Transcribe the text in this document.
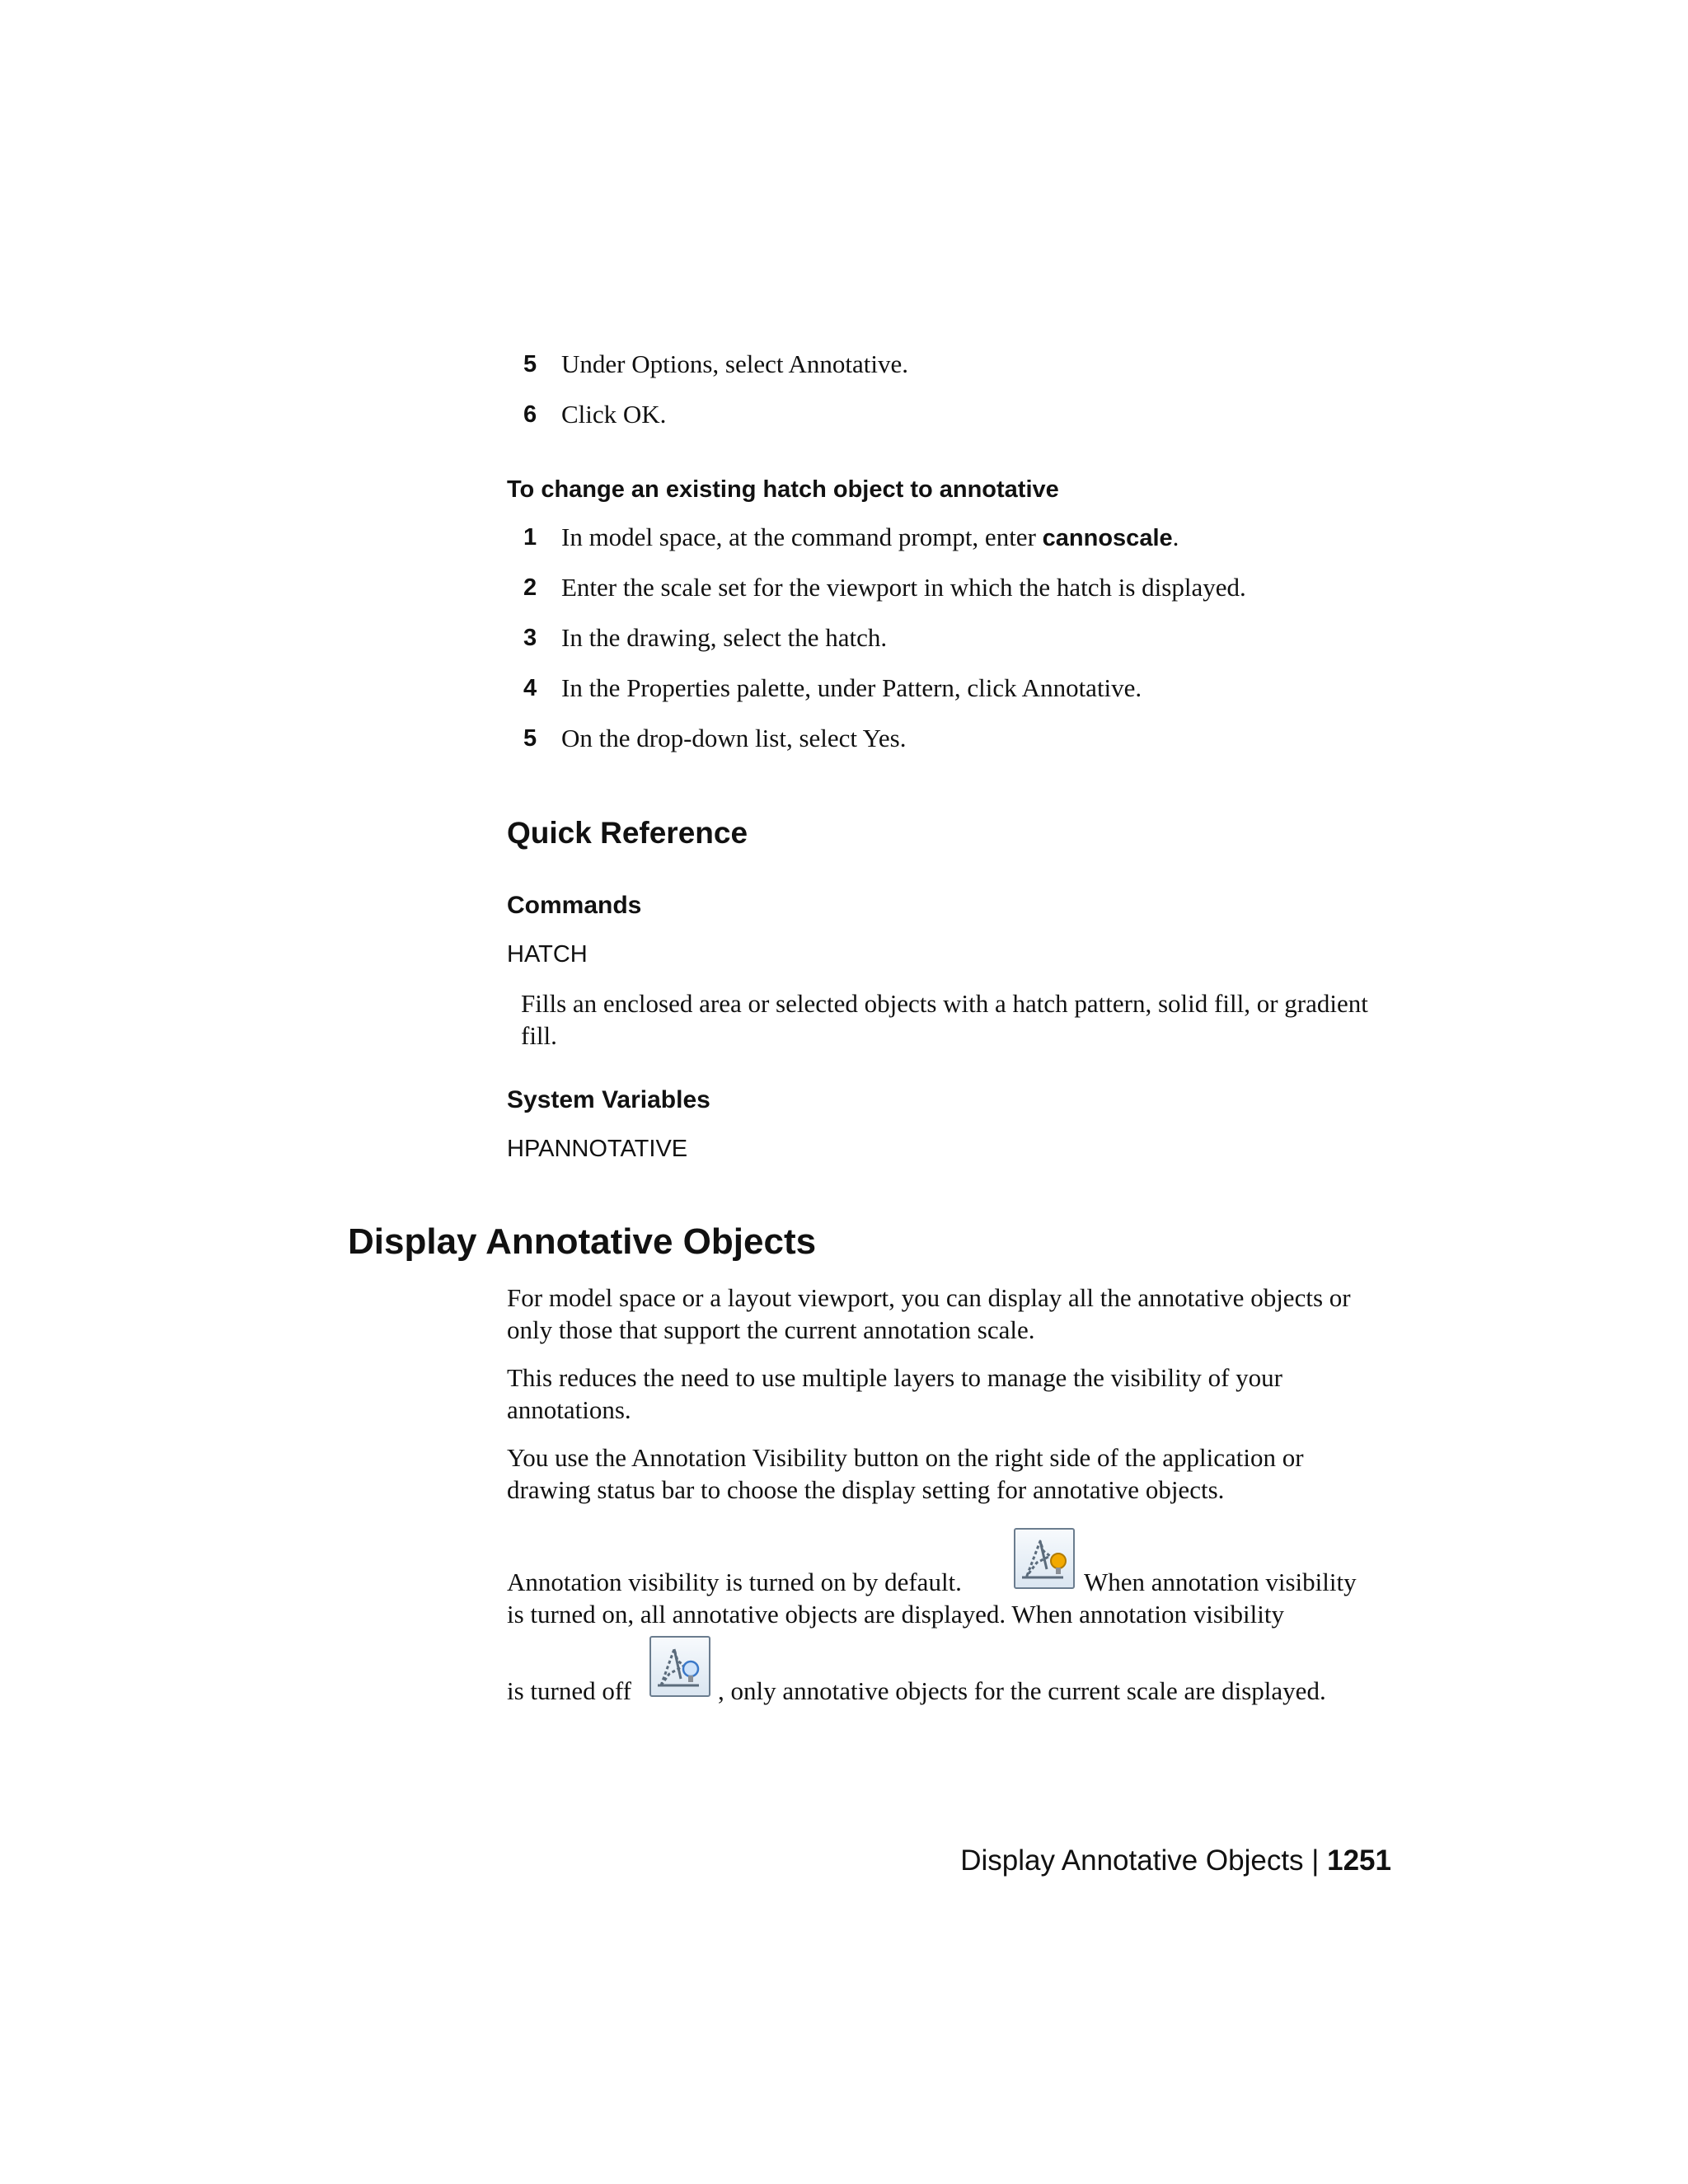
5 Under Options, select Annotative.
6 Click OK.
To change an existing hatch object to annotative
1 In model space, at the command prompt, enter cannoscale.
2 Enter the scale set for the viewport in which the hatch is displayed.
3 In the drawing, select the hatch.
4 In the Properties palette, under Pattern, click Annotative.
5 On the drop-down list, select Yes.
Quick Reference
Commands
HATCH
Fills an enclosed area or selected objects with a hatch pattern, solid fill, or gradient fill.
System Variables
HPANNOTATIVE
Display Annotative Objects
For model space or a layout viewport, you can display all the annotative objects or only those that support the current annotation scale.
This reduces the need to use multiple layers to manage the visibility of your annotations.
You use the Annotation Visibility button on the right side of the application or drawing status bar to choose the display setting for annotative objects.
Annotation visibility is turned on by default.	When annotation visibility
is turned on, all annotative objects are displayed. When annotation visibility
is turned off	, only annotative objects for the current scale are displayed.
Display Annotative Objects | 1251
